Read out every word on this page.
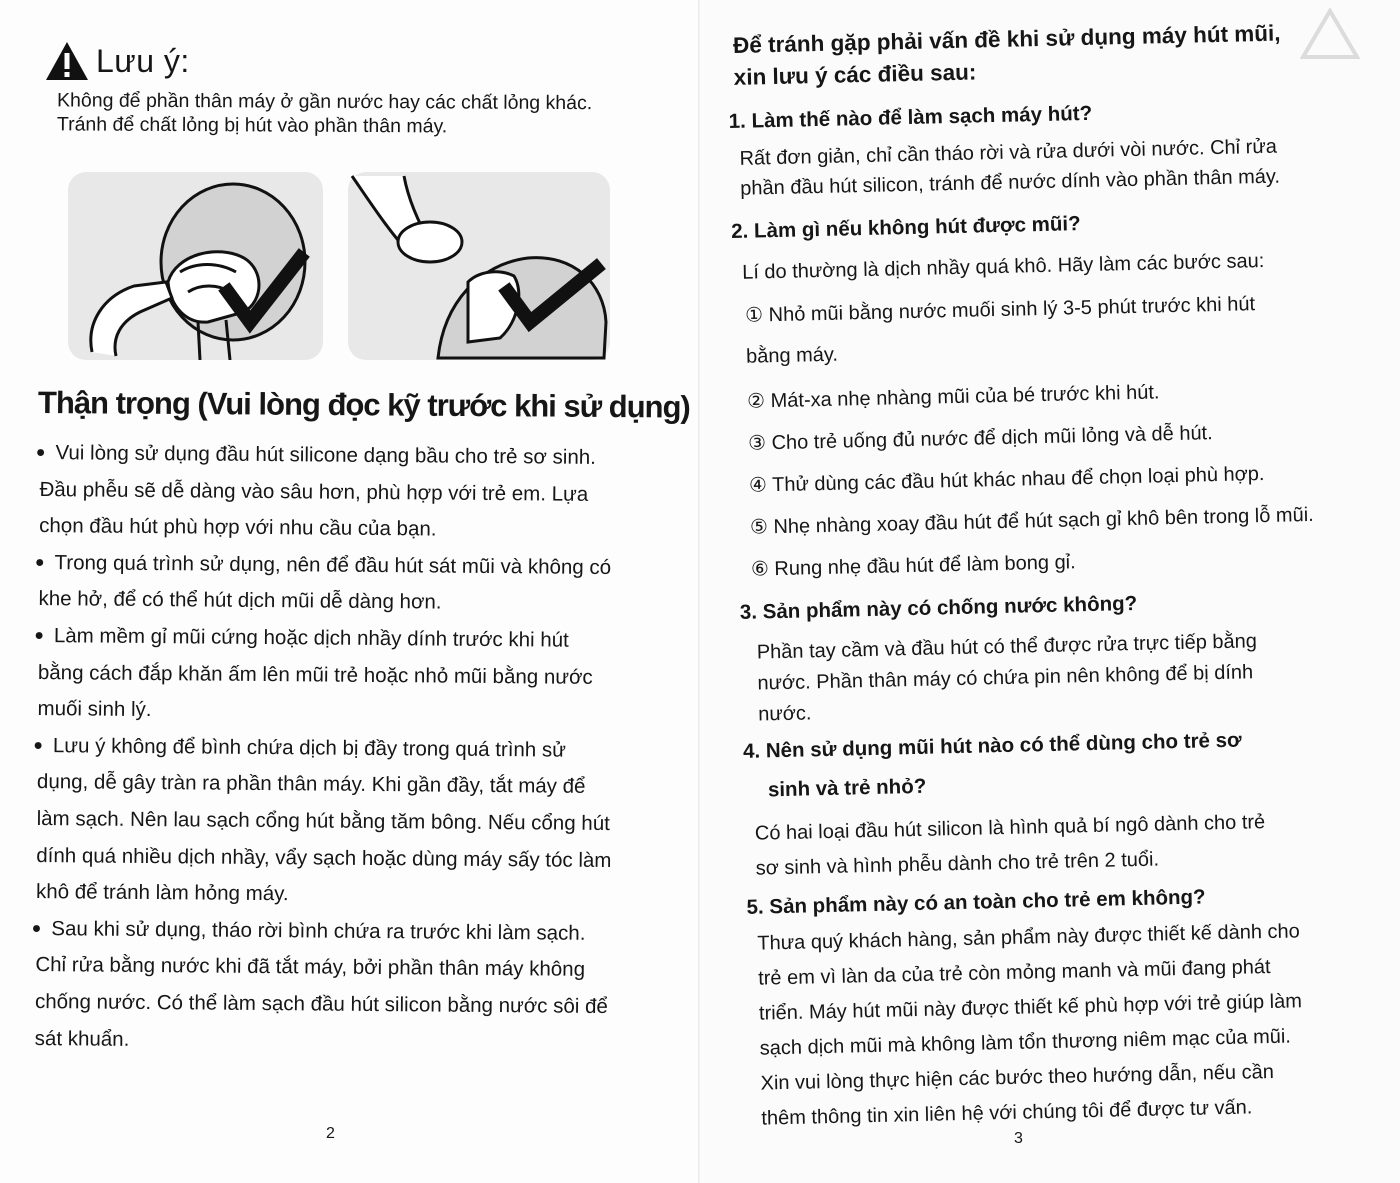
Lưu ý:
Không để phần thân máy ở gần nước hay các chất lỏng khác.
Tránh để chất lỏng bị hút vào phần thân máy.
Thận trọng (Vui lòng đọc kỹ trước khi sử dụng)
● Vui lòng sử dụng đầu hút silicone dạng bầu cho trẻ sơ sinh.
Đầu phễu sẽ dễ dàng vào sâu hơn, phù hợp với trẻ em. Lựa
chọn đầu hút phù hợp với nhu cầu của bạn.
● Trong quá trình sử dụng, nên để đầu hút sát mũi và không có
khe hở, để có thể hút dịch mũi dễ dàng hơn.
● Làm mềm gỉ mũi cứng hoặc dịch nhầy dính trước khi hút
bằng cách đắp khăn ấm lên mũi trẻ hoặc nhỏ mũi bằng nước
muối sinh lý.
● Lưu ý không để bình chứa dịch bị đầy trong quá trình sử
dụng, dễ gây tràn ra phần thân máy. Khi gần đầy, tắt máy để
làm sạch. Nên lau sạch cổng hút bằng tăm bông. Nếu cổng hút
dính quá nhiều dịch nhầy, vẩy sạch hoặc dùng máy sấy tóc làm
khô để tránh làm hỏng máy.
● Sau khi sử dụng, tháo rời bình chứa ra trước khi làm sạch.
Chỉ rửa bằng nước khi đã tắt máy, bởi phần thân máy không
chống nước. Có thể làm sạch đầu hút silicon bằng nước sôi để
sát khuẩn.
2
Để tránh gặp phải vấn đề khi sử dụng máy hút mũi,
xin lưu ý các điều sau:
1. Làm thế nào để làm sạch máy hút?
Rất đơn giản, chỉ cần tháo rời và rửa dưới vòi nước. Chỉ rửa
phần đầu hút silicon, tránh để nước dính vào phần thân máy.
2. Làm gì nếu không hút được mũi?
Lí do thường là dịch nhầy quá khô. Hãy làm các bước sau:
① Nhỏ mũi bằng nước muối sinh lý 3-5 phút trước khi hút
bằng máy.
② Mát-xa nhẹ nhàng mũi của bé trước khi hút.
③ Cho trẻ uống đủ nước để dịch mũi lỏng và dễ hút.
④ Thử dùng các đầu hút khác nhau để chọn loại phù hợp.
⑤ Nhẹ nhàng xoay đầu hút để hút sạch gỉ khô bên trong lỗ mũi.
⑥ Rung nhẹ đầu hút để làm bong gỉ.
3. Sản phẩm này có chống nước không?
Phần tay cầm và đầu hút có thể được rửa trực tiếp bằng
nước. Phần thân máy có chứa pin nên không để bị dính
nước.
4. Nên sử dụng mũi hút nào có thể dùng cho trẻ sơ
sinh và trẻ nhỏ?
Có hai loại đầu hút silicon là hình quả bí ngô dành cho trẻ
sơ sinh và hình phễu dành cho trẻ trên 2 tuổi.
5. Sản phẩm này có an toàn cho trẻ em không?
Thưa quý khách hàng, sản phẩm này được thiết kế dành cho
trẻ em vì làn da của trẻ còn mỏng manh và mũi đang phát
triển. Máy hút mũi này được thiết kế phù hợp với trẻ giúp làm
sạch dịch mũi mà không làm tổn thương niêm mạc của mũi.
Xin vui lòng thực hiện các bước theo hướng dẫn, nếu cần
thêm thông tin xin liên hệ với chúng tôi để được tư vấn.
3
